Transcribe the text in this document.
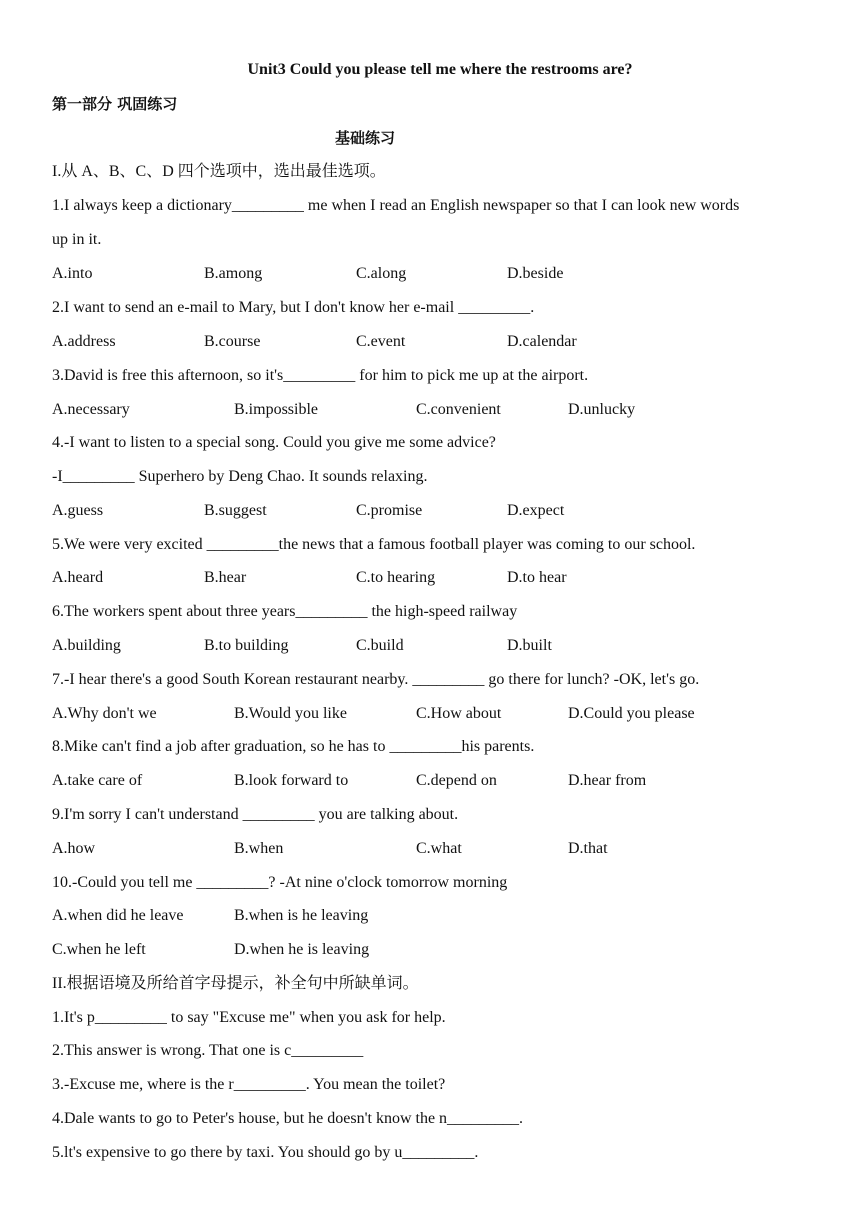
Unit3 Could you please tell me where the restrooms are?
第一部分 巩固练习
基础练习
I.从 A、B、C、D 四个选项中，选出最佳选项。
1.I always keep a dictionary_________ me when I read an English newspaper so that I can look new words
up in it.
A.into	B.among	C.along	D.beside
2.I want to send an e-mail to Mary, but I don't know her e-mail _________.
A.address	B.course	C.event	D.calendar
3.David is free this afternoon, so it's_________ for him to pick me up at the airport.
A.necessary	B.impossible	C.convenient	D.unlucky
4.-I want to listen to a special song. Could you give me some advice?
-I_________ Superhero by Deng Chao. It sounds relaxing.
A.guess	B.suggest	C.promise	D.expect
5.We were very excited _________the news that a famous football player was coming to our school.
A.heard	B.hear	C.to hearing	D.to hear
6.The workers spent about three years_________ the high-speed railway
A.building	B.to building	C.build	D.built
7.-I hear there's a good South Korean restaurant nearby. _________ go there for lunch? -OK, let's go.
A.Why don't we	B.Would you like	C.How about	D.Could you please
8.Mike can't find a job after graduation, so he has to _________his parents.
A.take care of	B.look forward to	C.depend on	D.hear from
9.I'm sorry I can't understand _________ you are talking about.
A.how	B.when	C.what	D.that
10.-Could you tell me _________? -At nine o'clock tomorrow morning
A.when did he leave	B.when is he leaving
C.when he left	D.when he is leaving
II.根据语境及所给首字母提示，补全句中所缺单词。
1.It's p_________ to say "Excuse me" when you ask for help.
2.This answer is wrong. That one is c_________
3.-Excuse me, where is the r_________. You mean the toilet?
4.Dale wants to go to Peter's house, but he doesn't know the n_________.
5.lt's expensive to go there by taxi. You should go by u_________.
